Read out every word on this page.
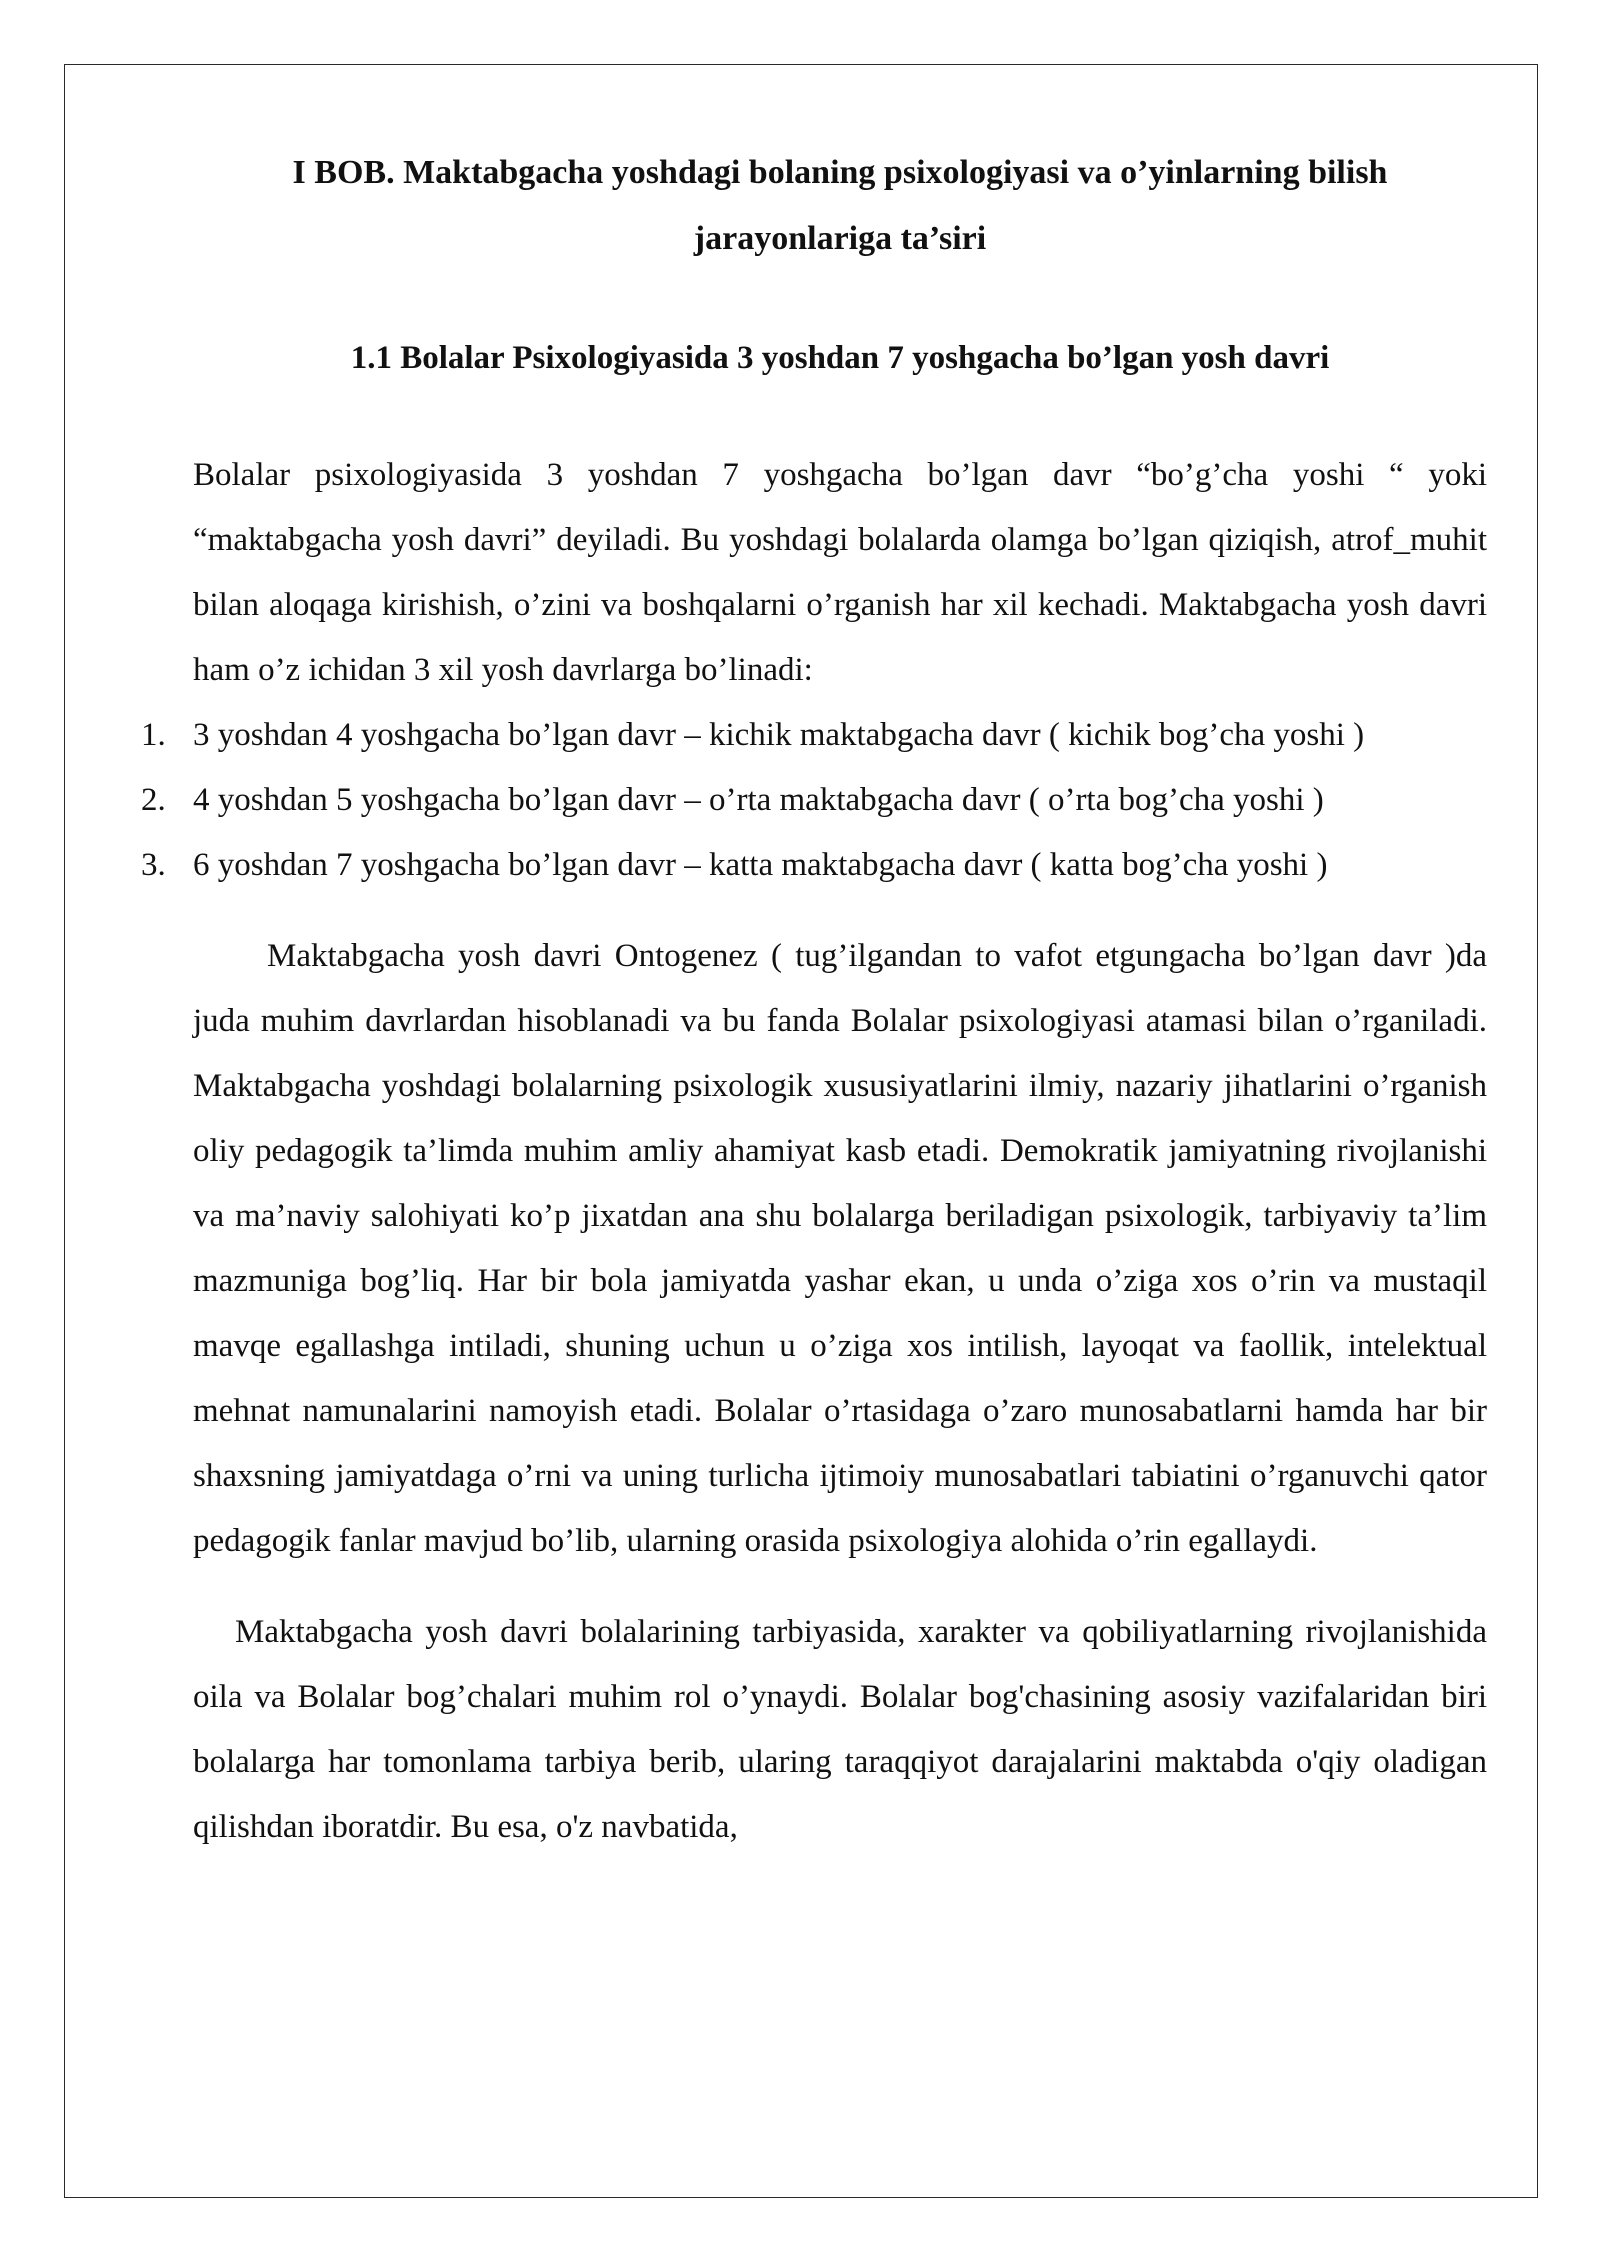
I BOB. Maktabgacha yoshdagi bolaning psixologiyasi va o’yinlarning bilish jarayonlariga ta’siri
1.1 Bolalar Psixologiyasida 3 yoshdan 7 yoshgacha bo’lgan yosh davri

Bolalar psixologiyasida 3 yoshdan 7 yoshgacha bo’lgan davr “bo’g’cha yoshi “ yoki “maktabgacha yosh davri” deyiladi. Bu yoshdagi bolalarda olamga bo’lgan qiziqish, atrof_muhit bilan aloqaga kirishish, o’zini va boshqalarni o’rganish har xil kechadi. Maktabgacha yosh davri ham o’z ichidan 3 xil yosh davrlarga bo’linadi:

1. 3 yoshdan 4 yoshgacha bo’lgan davr – kichik maktabgacha davr ( kichik bog’cha yoshi )
2. 4 yoshdan 5 yoshgacha bo’lgan davr – o’rta maktabgacha davr ( o’rta bog’cha yoshi )
3. 6 yoshdan 7 yoshgacha bo’lgan davr – katta maktabgacha davr ( katta bog’cha yoshi )

Maktabgacha yosh davri Ontogenez ( tug’ilgandan to vafot etgungacha bo’lgan davr )da juda muhim davrlardan hisoblanadi va bu fanda Bolalar psixologiyasi atamasi bilan o’rganiladi. Maktabgacha yoshdagi bolalarning psixologik xususiyatlarini ilmiy, nazariy jihatlarini o’rganish oliy pedagogik ta’limda muhim amliy ahamiyat kasb etadi. Demokratik jamiyatning rivojlanishi va ma’naviy salohiyati ko’p jixatdan ana shu bolalarga beriladigan psixologik, tarbiyaviy ta’lim mazmuniga bog’liq. Har bir bola jamiyatda yashar ekan, u unda o’ziga xos o’rin va mustaqil mavqe egallashga intiladi, shuning uchun u o’ziga xos intilish, layoqat va faollik, intelektual mehnat namunalarini namoyish etadi. Bolalar o’rtasidaga o’zaro munosabatlarni hamda har bir shaxsning jamiyatdaga o’rni va uning turlicha ijtimoiy munosabatlari tabiatini o’rganuvchi qator pedagogik fanlar mavjud bo’lib, ularning orasida psixologiya alohida o’rin egallaydi.

Maktabgacha yosh davri bolalarining tarbiyasida, xarakter va qobiliyatlarning rivojlanishida oila va Bolalar bog’chalari muhim rol o’ynaydi. Bolalar bog'chasining asosiy vazifalaridan biri bolalarga har tomonlama tarbiya berib, ularing taraqqiyot darajalarini maktabda o'qiy oladigan qilishdan iboratdir. Bu esa, o'z navbatida,
